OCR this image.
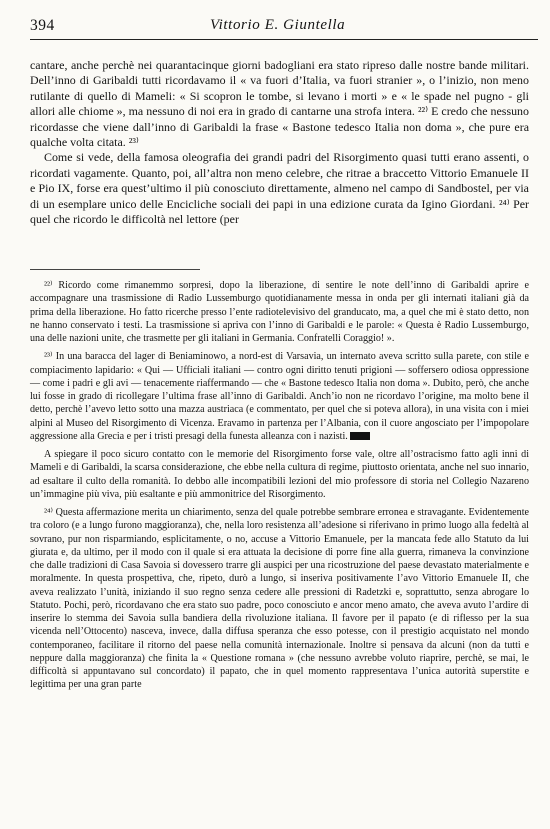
394	Vittorio E. Giuntella

cantare, anche perchè nei quarantacinque giorni badogliani era stato ripreso dalle nostre bande militari. Dell’inno di Garibaldi tutti ricordavamo il « va fuori d’Italia, va fuori stranier », o l’inizio, non meno rutilante di quello di Mameli: « Si scopron le tombe, si levano i morti » e « le spade nel pugno - gli allori alle chiome », ma nessuno di noi era in grado di cantarne una strofa intera. ²²⁾ E credo che nessuno ricordasse che viene dall’inno di Garibaldi la frase « Bastone tedesco Italia non doma », che pure era qualche volta citata. ²³⁾

Come si vede, della famosa oleografia dei grandi padri del Risorgimento quasi tutti erano assenti, o ricordati vagamente. Quanto, poi, all’altra non meno celebre, che ritrae a braccetto Vittorio Emanuele II e Pio IX, forse era quest’ultimo il più conosciuto direttamente, almeno nel campo di Sandbostel, per via di un esemplare unico delle Encicliche sociali dei papi in una edizione curata da Igino Giordani. ²⁴⁾ Per quel che ricordo le difficoltà nel lettore (per

²²⁾ Ricordo come rimanemmo sorpresi, dopo la liberazione, di sentire le note dell’inno di Garibaldi aprire e accompagnare una trasmissione di Radio Lussemburgo quotidianamente messa in onda per gli internati italiani già da prima della liberazione. Ho fatto ricerche presso l’ente radiotelevisivo del granducato, ma, a quel che mi è stato detto, non ne hanno conservato i testi. La trasmissione si apriva con l’inno di Garibaldi e le parole: « Questa è Radio Lussemburgo, una delle nazioni unite, che trasmette per gli italiani in Germania. Confratelli Coraggio! ».

²³⁾ In una baracca del lager di Beniaminowo, a nord-est di Varsavia, un internato aveva scritto sulla parete, con stile e compiacimento lapidario: « Qui — Ufficiali italiani — contro ogni diritto tenuti prigioni — soffersero odiosa oppressione — come i padri e gli avi — tenacemente riaffermando — che « Bastone tedesco Italia non doma ». Dubito, però, che anche lui fosse in grado di ricollegare l’ultima frase all’inno di Garibaldi. Anch’io non ne ricordavo l’origine, ma molto bene il detto, perchè l’avevo letto sotto una mazza austriaca (e commentato, per quel che si poteva allora), in una visita con i miei alpini al Museo del Risorgimento di Vicenza. Eravamo in partenza per l’Albania, con il cuore angosciato per l’impopolare aggressione alla Grecia e per i tristi presagi della funesta alleanza con i nazisti.

A spiegare il poco sicuro contatto con le memorie del Risorgimento forse vale, oltre all’ostracismo fatto agli inni di Mameli e di Garibaldi, la scarsa considerazione, che ebbe nella cultura di regime, piuttosto orientata, anche nel suo innario, ad esaltare il culto della romanità. Io debbo alle incompatibili lezioni del mio professore di storia nel Collegio Nazareno un’immagine più viva, più esaltante e più ammonitrice del Risorgimento.

²⁴⁾ Questa affermazione merita un chiarimento, senza del quale potrebbe sembrare erronea e stravagante. Evidentemente tra coloro (e a lungo furono maggioranza), che, nella loro resistenza all’adesione si riferivano in primo luogo alla fedeltà al sovrano, pur non risparmiando, esplicitamente, o no, accuse a Vittorio Emanuele, per la mancata fede allo Statuto da lui giurata e, da ultimo, per il modo con il quale si era attuata la decisione di porre fine alla guerra, rimaneva la convinzione che dalle tradizioni di Casa Savoia si dovessero trarre gli auspici per una ricostruzione del paese devastato materialmente e moralmente. In questa prospettiva, che, ripeto, durò a lungo, si inseriva positivamente l’avo Vittorio Emanuele II, che aveva realizzato l’unità, iniziando il suo regno senza cedere alle pressioni di Radetzki e, soprattutto, senza abrogare lo Statuto. Pochi, però, ricordavano che era stato suo padre, poco conosciuto e ancor meno amato, che aveva avuto l’ardire di inserire lo stemma dei Savoia sulla bandiera della rivoluzione italiana. Il favore per il papato (e di riflesso per la sua vicenda nell’Ottocento) nasceva, invece, dalla diffusa speranza che esso potesse, con il prestigio acquistato nel mondo contemporaneo, facilitare il ritorno del paese nella comunità internazionale. Inoltre si pensava da alcuni (non da tutti e neppure dalla maggioranza) che finita la « Questione romana » (che nessuno avrebbe voluto riaprire, perchè, se mai, le difficoltà si appuntavano sul concordato) il papato, che in quel momento rappresentava l’unica autorità superstite e legittima per una gran parte
